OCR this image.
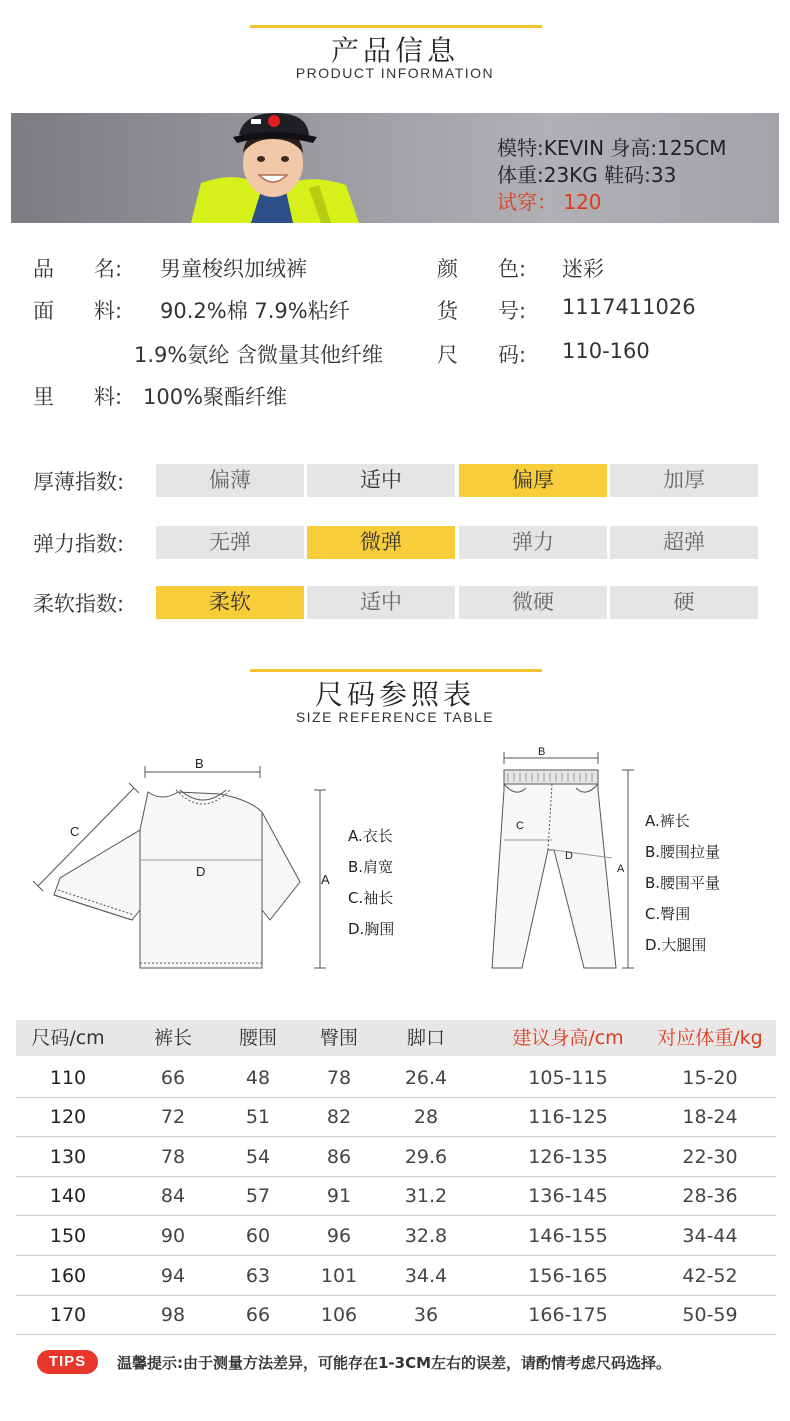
产品信息
PRODUCT INFORMATION
模特:KEVIN 身高:125CM
体重:23KG 鞋码:33
试穿： 120
品      名: 男童梭织加绒裤	颜      色: 迷彩
面      料: 90.2%棉 7.9%粘纤	货      号: 1117411026
1.9%氨纶 含微量其他纤维	尺      码: 110-160
里      料: 100%聚酯纤维
厚薄指数:	偏薄	适中	偏厚	加厚
弹力指数:	无弹	微弹	弹力	超弹
柔软指数:	柔软	适中	微硬	硬
尺码参照表
SIZE REFERENCE TABLE
B
C
D
A
A.衣长
B.肩宽
C.袖长
D.胸围
B
C
D
A
A.裤长
B.腰围拉量
B.腰围平量
C.臀围
D.大腿围
尺码/cm	裤长	腰围	臀围	脚口	建议身高/cm	对应体重/kg
110	66	48	78	26.4	105-115	15-20
120	72	51	82	28	116-125	18-24
130	78	54	86	29.6	126-135	22-30
140	84	57	91	31.2	136-145	28-36
150	90	60	96	32.8	146-155	34-44
160	94	63	101	34.4	156-165	42-52
170	98	66	106	36	166-175	50-59
TIPS	温馨提示:由于测量方法差异，可能存在1-3CM左右的误差，请酌情考虑尺码选择。
